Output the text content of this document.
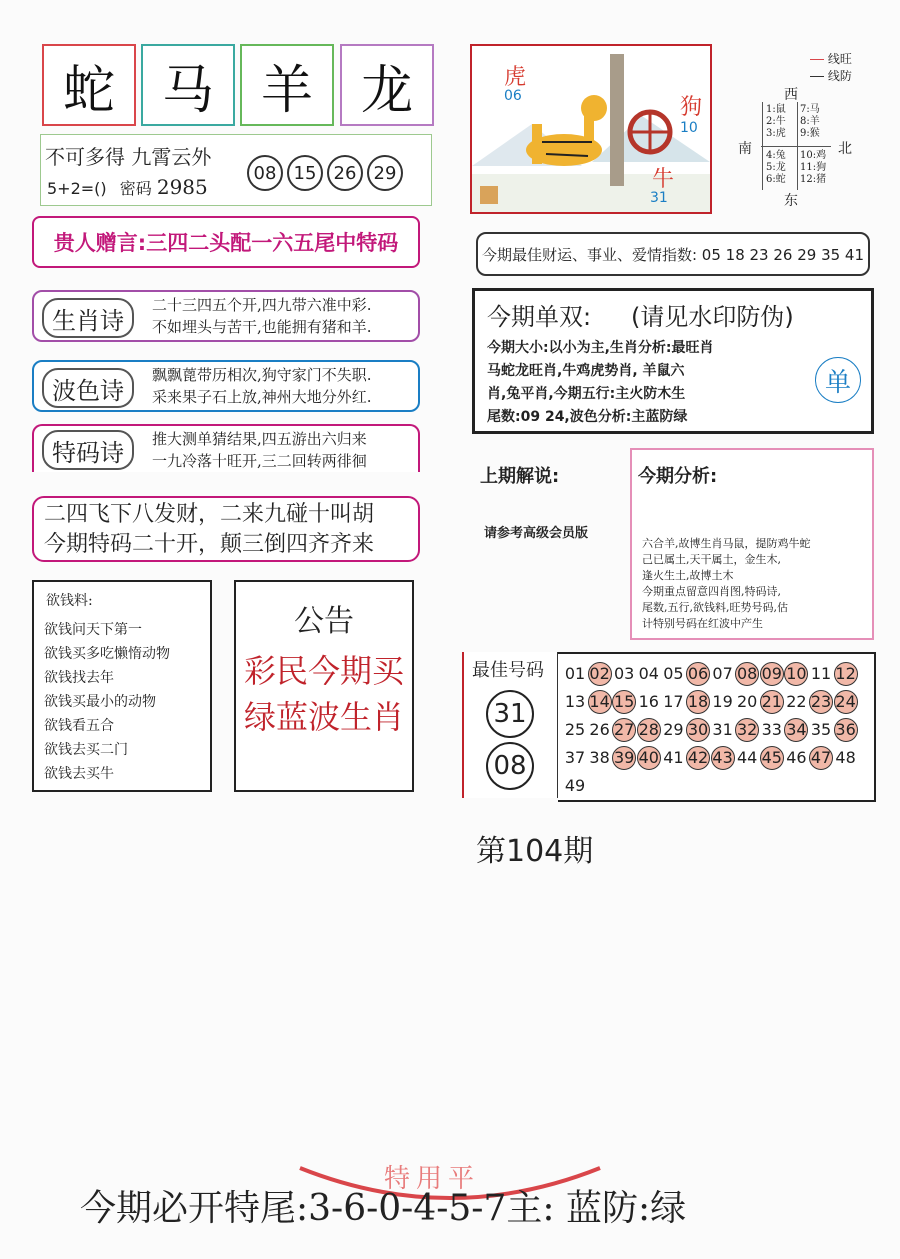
蛇 马 羊 龙
不可多得 九霄云外
5+2=() 密码 2985
08 15 26 29
虎
06	狗
10
牛
31
线旺
线防
西
南	北
东
1:鼠
2:牛
3:虎
7:马
8:羊
9:猴
4:兔
5:龙
6:蛇
10:鸡
11:狗
12:猪
贵人赠言:三四二头配一六五尾中特码	今期最佳财运、事业、爱情指数: 05 18 23 26 29 35 41
生肖诗
二十三四五个开,四九带六准中彩.
不如埋头与苦干,也能拥有猪和羊.
波色诗
飘飘蓖带历相次,狗守家门不失职.
采来果子石上放,神州大地分外红.
特码诗	推大测单猜结果,四五游出六归来
一九冷落十旺开,三二回转两徘徊
二四飞下八发财，二来九碰十叫胡
今期特码二十开，颠三倒四齐齐来
今期单双: (请见水印防伪)
今期大小:以小为主,生肖分析:最旺肖
马蛇龙旺肖,牛鸡虎势肖, 羊鼠六
肖,兔平肖,今期五行:主火防木生
尾数:09 24,波色分析:主蓝防绿
单
上期解说:
请参考高级会员版
今期分析:
六合羊,故博生肖马鼠，提防鸡牛蛇
己已属土,天干属土，金生木,
逢火生土,故博土木
今期重点留意四肖图,特码诗,
尾数,五行,欲钱料,旺势号码,估
计特别号码在红波中产生
欲钱料:
欲钱问天下第一
欲钱买多吃懒惰动物
欲钱找去年
欲钱买最小的动物
欲钱看五合
欲钱去买二门
欲钱去买牛
公告
彩民今期买
绿蓝波生肖
最佳号码
31
08
01 02 03 04 05 06 07 08 09 10 11 12
13 14 15 16 17 18 19 20 21 22 23 24
25 26 27 28 29 30 31 32 33 34 35 36
37 38 39 40 41 42 43 44 45 46 47 48
49
第104期
特用平
今期必开特尾:3-6-0-4-5-7主: 蓝防:绿
